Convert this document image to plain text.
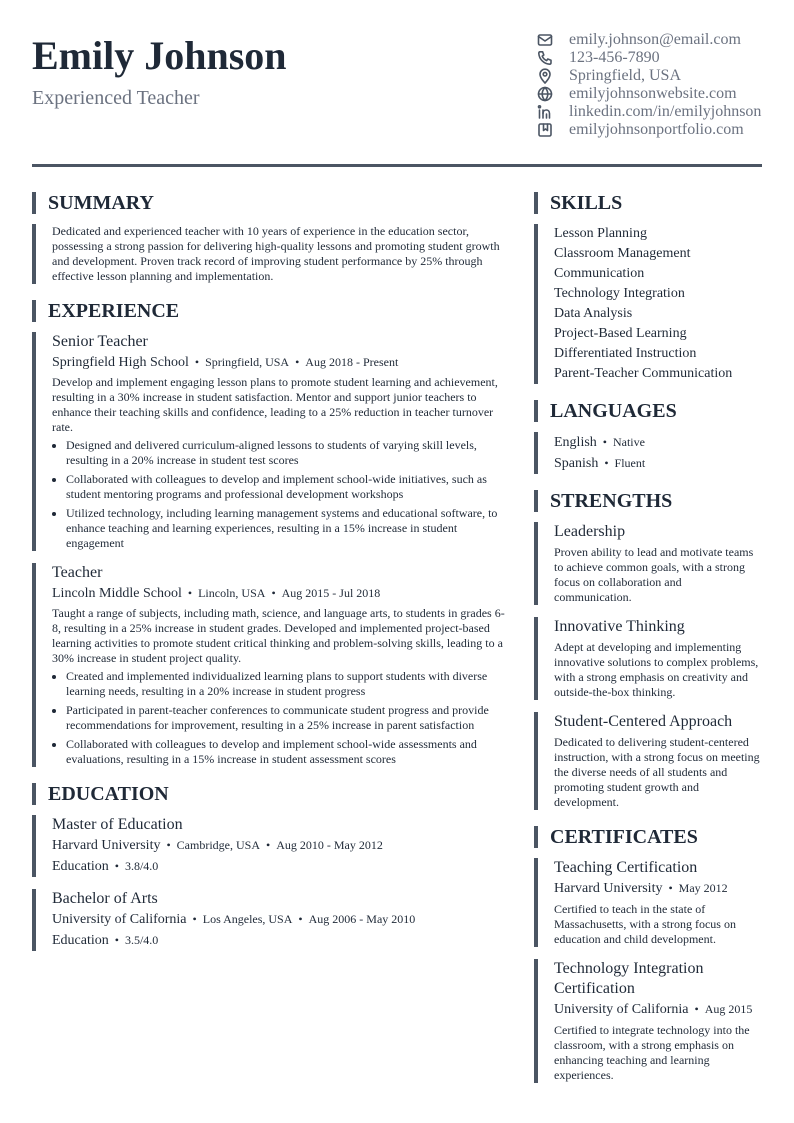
Emily Johnson
Experienced Teacher
emily.johnson@email.com
123-456-7890
Springfield, USA
emilyjohnsonwebsite.com
linkedin.com/in/emilyjohnson
emilyjohnsonportfolio.com
SUMMARY
Dedicated and experienced teacher with 10 years of experience in the education sector, possessing a strong passion for delivering high-quality lessons and promoting student growth and development. Proven track record of improving student performance by 25% through effective lesson planning and implementation.
EXPERIENCE
Senior Teacher
Springfield High School • Springfield, USA • Aug 2018 - Present
Develop and implement engaging lesson plans to promote student learning and achievement, resulting in a 30% increase in student satisfaction. Mentor and support junior teachers to enhance their teaching skills and confidence, leading to a 25% reduction in teacher turnover rate.
• Designed and delivered curriculum-aligned lessons to students of varying skill levels, resulting in a 20% increase in student test scores
• Collaborated with colleagues to develop and implement school-wide initiatives, such as student mentoring programs and professional development workshops
• Utilized technology, including learning management systems and educational software, to enhance teaching and learning experiences, resulting in a 15% increase in student engagement
Teacher
Lincoln Middle School • Lincoln, USA • Aug 2015 - Jul 2018
Taught a range of subjects, including math, science, and language arts, to students in grades 6-8, resulting in a 25% increase in student grades. Developed and implemented project-based learning activities to promote student critical thinking and problem-solving skills, leading to a 30% increase in student project quality.
• Created and implemented individualized learning plans to support students with diverse learning needs, resulting in a 20% increase in student progress
• Participated in parent-teacher conferences to communicate student progress and provide recommendations for improvement, resulting in a 25% increase in parent satisfaction
• Collaborated with colleagues to develop and implement school-wide assessments and evaluations, resulting in a 15% increase in student assessment scores
EDUCATION
Master of Education
Harvard University • Cambridge, USA • Aug 2010 - May 2012
Education • 3.8/4.0
Bachelor of Arts
University of California • Los Angeles, USA • Aug 2006 - May 2010
Education • 3.5/4.0
SKILLS
Lesson Planning
Classroom Management
Communication
Technology Integration
Data Analysis
Project-Based Learning
Differentiated Instruction
Parent-Teacher Communication
LANGUAGES
English • Native
Spanish • Fluent
STRENGTHS
Leadership
Proven ability to lead and motivate teams to achieve common goals, with a strong focus on collaboration and communication.
Innovative Thinking
Adept at developing and implementing innovative solutions to complex problems, with a strong emphasis on creativity and outside-the-box thinking.
Student-Centered Approach
Dedicated to delivering student-centered instruction, with a strong focus on meeting the diverse needs of all students and promoting student growth and development.
CERTIFICATES
Teaching Certification
Harvard University • May 2012
Certified to teach in the state of Massachusetts, with a strong focus on education and child development.
Technology Integration Certification
University of California • Aug 2015
Certified to integrate technology into the classroom, with a strong emphasis on enhancing teaching and learning experiences.
